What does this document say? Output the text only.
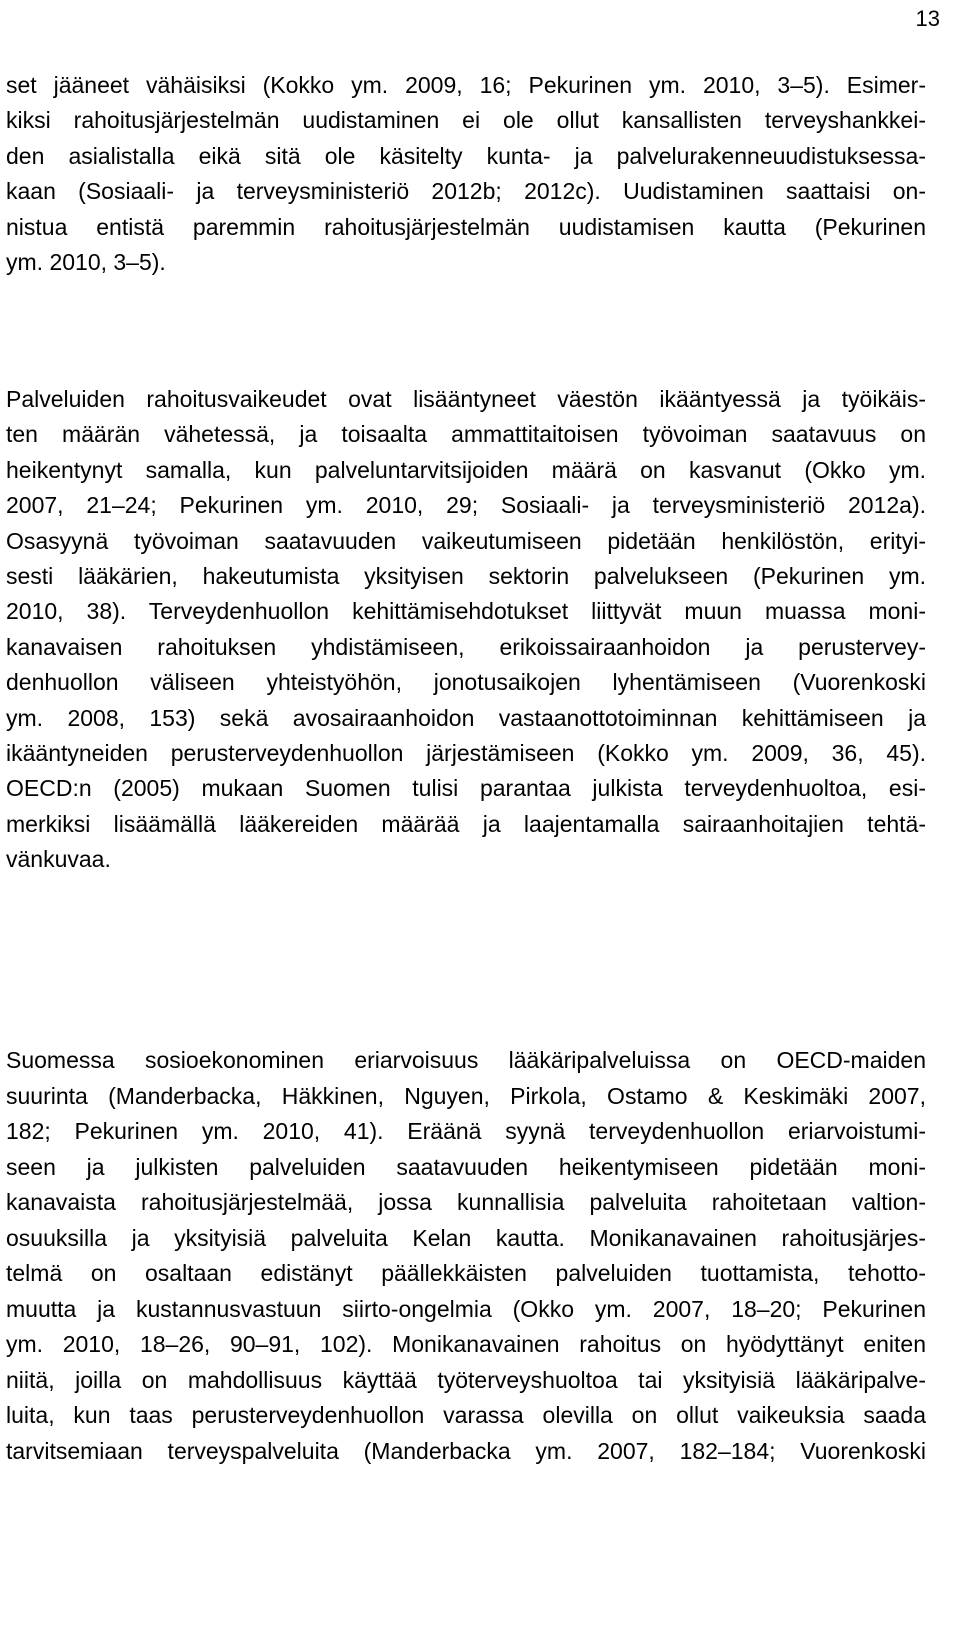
13
set jääneet vähäisiksi (Kokko ym. 2009, 16; Pekurinen ym. 2010, 3–5). Esimer-
kiksi rahoitusjärjestelmän uudistaminen ei ole ollut kansallisten terveyshankkei-
den asialistalla eikä sitä ole käsitelty kunta- ja palvelurakenneuudistuksessa-
kaan (Sosiaali- ja terveysministeriö 2012b; 2012c). Uudistaminen saattaisi on-
nistua entistä paremmin rahoitusjärjestelmän uudistamisen kautta (Pekurinen
ym. 2010, 3–5).
Palveluiden rahoitusvaikeudet ovat lisääntyneet väestön ikääntyessä ja työikäis-
ten määrän vähetessä, ja toisaalta ammattitaitoisen työvoiman saatavuus on
heikentynyt samalla, kun palveluntarvitsijoiden määrä on kasvanut (Okko ym.
2007, 21–24; Pekurinen ym. 2010, 29; Sosiaali- ja terveysministeriö 2012a).
Osasyynä työvoiman saatavuuden vaikeutumiseen pidetään henkilöstön, erityi-
sesti lääkärien, hakeutumista yksityisen sektorin palvelukseen (Pekurinen ym.
2010, 38). Terveydenhuollon kehittämisehdotukset liittyvät muun muassa moni-
kanavaisen rahoituksen yhdistämiseen, erikoissairaanhoidon ja perustervey-
denhuollon väliseen yhteistyöhön, jonotusaikojen lyhentämiseen (Vuorenkoski
ym. 2008, 153) sekä avosairaanhoidon vastaanottotoiminnan kehittämiseen ja
ikääntyneiden perusterveydenhuollon järjestämiseen (Kokko ym. 2009, 36, 45).
OECD:n (2005) mukaan Suomen tulisi parantaa julkista terveydenhuoltoa, esi-
merkiksi lisäämällä lääkereiden määrää ja laajentamalla sairaanhoitajien tehtä-
vänkuvaa.
Suomessa sosioekonominen eriarvoisuus lääkäripalveluissa on OECD-maiden
suurinta (Manderbacka, Häkkinen, Nguyen, Pirkola, Ostamo & Keskimäki 2007,
182; Pekurinen ym. 2010, 41). Eräänä syynä terveydenhuollon eriarvoistumi-
seen ja julkisten palveluiden saatavuuden heikentymiseen pidetään moni-
kanavaista rahoitusjärjestelmää, jossa kunnallisia palveluita rahoitetaan valtion-
osuuksilla ja yksityisiä palveluita Kelan kautta. Monikanavainen rahoitusjärjes-
telmä on osaltaan edistänyt päällekkäisten palveluiden tuottamista, tehotto-
muutta ja kustannusvastuun siirto-ongelmia (Okko ym. 2007, 18–20; Pekurinen
ym. 2010, 18–26, 90–91, 102). Monikanavainen rahoitus on hyödyttänyt eniten
niitä, joilla on mahdollisuus käyttää työterveyshuoltoa tai yksityisiä lääkäripalve-
luita, kun taas perusterveydenhuollon varassa olevilla on ollut vaikeuksia saada
tarvitsemiaan terveyspalveluita (Manderbacka ym. 2007, 182–184; Vuorenkoski
